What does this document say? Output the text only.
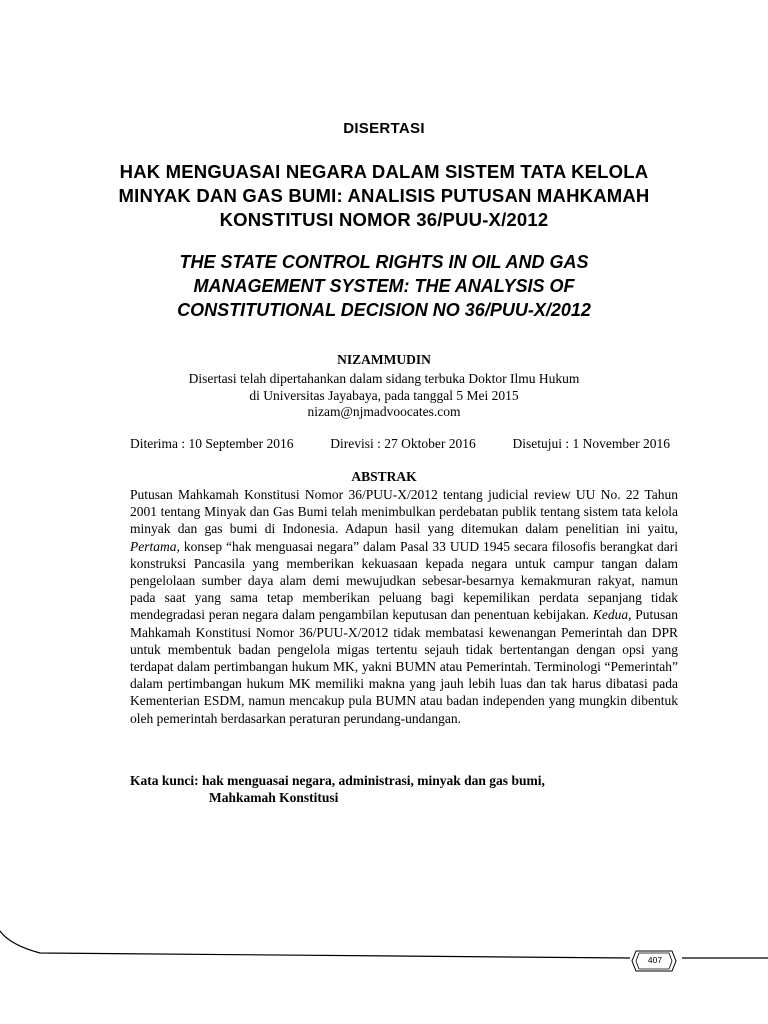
DISERTASI
HAK MENGUASAI NEGARA DALAM SISTEM TATA KELOLA
MINYAK DAN GAS BUMI: ANALISIS PUTUSAN MAHKAMAH
KONSTITUSI NOMOR 36/PUU-X/2012
THE STATE CONTROL RIGHTS IN OIL AND GAS
MANAGEMENT SYSTEM: THE ANALYSIS OF
CONSTITUTIONAL DECISION NO 36/PUU-X/2012
NIZAMMUDIN
Disertasi telah dipertahankan dalam sidang terbuka Doktor Ilmu Hukum
di Universitas Jayabaya, pada tanggal 5 Mei 2015
nizam@njmadvoocates.com
Diterima : 10 September 2016	Direvisi : 27 Oktober 2016	Disetujui : 1 November 2016
ABSTRAK
Putusan Mahkamah Konstitusi Nomor 36/PUU-X/2012 tentang judicial review UU No. 22 Tahun 2001 tentang Minyak dan Gas Bumi telah menimbulkan perdebatan publik tentang sistem tata kelola minyak dan gas bumi di Indonesia. Adapun hasil yang ditemukan dalam penelitian ini yaitu, Pertama, konsep “hak menguasai negara” dalam Pasal 33 UUD 1945 secara filosofis berangkat dari konstruksi Pancasila yang memberikan kekuasaan kepada negara untuk campur tangan dalam pengelolaan sumber daya alam demi mewujudkan sebesar-besarnya kemakmuran rakyat, namun pada saat yang sama tetap memberikan peluang bagi kepemilikan perdata sepanjang tidak mendegradasi peran negara dalam pengambilan keputusan dan penentuan kebijakan. Kedua, Putusan Mahkamah Konstitusi Nomor 36/PUU-X/2012 tidak membatasi kewenangan Pemerintah dan DPR untuk membentuk badan pengelola migas tertentu sejauh tidak bertentangan dengan opsi yang terdapat dalam pertimbangan hukum MK, yakni BUMN atau Pemerintah. Terminologi “Pemerintah” dalam pertimbangan hukum MK memiliki makna yang jauh lebih luas dan tak harus dibatasi pada Kementerian ESDM, namun mencakup pula BUMN atau badan independen yang mungkin dibentuk oleh pemerintah berdasarkan peraturan perundang-undangan.
Kata kunci: hak menguasai negara, administrasi, minyak dan gas bumi,
Mahkamah Konstitusi
407
